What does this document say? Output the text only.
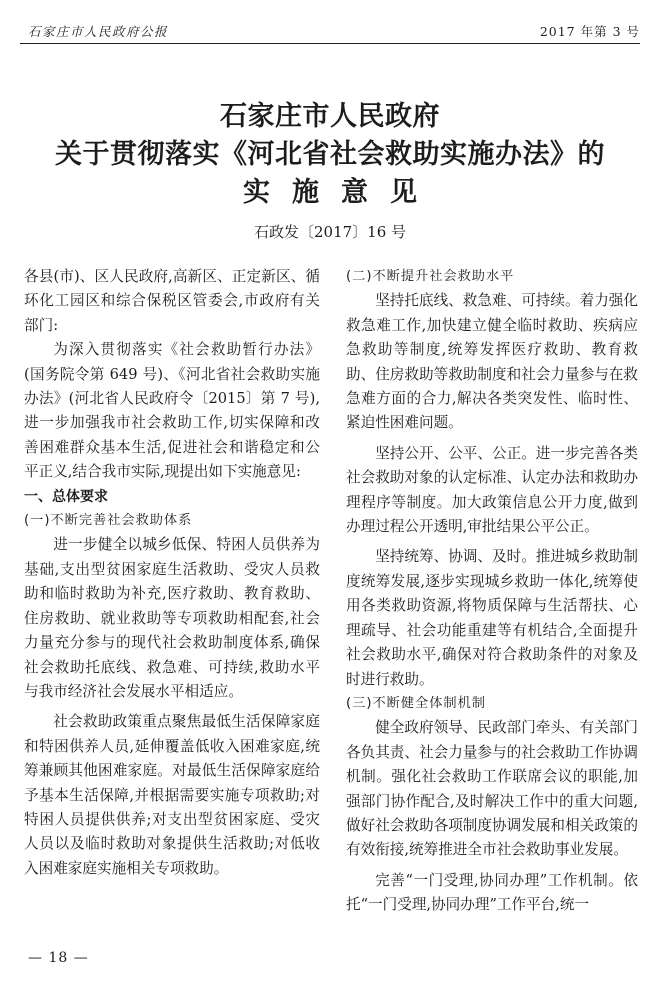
石家庄市人民政府公报	2017 年第 3 号
石家庄市人民政府
关于贯彻落实《河北省社会救助实施办法》的
实施意见
石政发〔2017〕16 号

各县(市)、区人民政府,高新区、正定新区、循环化工园区和综合保税区管委会,市政府有关部门:

为深入贯彻落实《社会救助暂行办法》(国务院令第 649 号)、《河北省社会救助实施办法》(河北省人民政府令〔2015〕第 7 号),进一步加强我市社会救助工作,切实保障和改善困难群众基本生活,促进社会和谐稳定和公平正义,结合我市实际,现提出如下实施意见:

一、总体要求

(一)不断完善社会救助体系

进一步健全以城乡低保、特困人员供养为基础,支出型贫困家庭生活救助、受灾人员救助和临时救助为补充,医疗救助、教育救助、住房救助、就业救助等专项救助相配套,社会力量充分参与的现代社会救助制度体系,确保社会救助托底线、救急难、可持续,救助水平与我市经济社会发展水平相适应。

社会救助政策重点聚焦最低生活保障家庭和特困供养人员,延伸覆盖低收入困难家庭,统筹兼顾其他困难家庭。对最低生活保障家庭给予基本生活保障,并根据需要实施专项救助;对特困人员提供供养;对支出型贫困家庭、受灾人员以及临时救助对象提供生活救助;对低收入困难家庭实施相关专项救助。

(二)不断提升社会救助水平

坚持托底线、救急难、可持续。着力强化救急难工作,加快建立健全临时救助、疾病应急救助等制度,统筹发挥医疗救助、教育救助、住房救助等救助制度和社会力量参与在救急难方面的合力,解决各类突发性、临时性、紧迫性困难问题。

坚持公开、公平、公正。进一步完善各类社会救助对象的认定标准、认定办法和救助办理程序等制度。加大政策信息公开力度,做到办理过程公开透明,审批结果公平公正。

坚持统筹、协调、及时。推进城乡救助制度统筹发展,逐步实现城乡救助一体化,统筹使用各类救助资源,将物质保障与生活帮扶、心理疏导、社会功能重建等有机结合,全面提升社会救助水平,确保对符合救助条件的对象及时进行救助。

(三)不断健全体制机制

健全政府领导、民政部门牵头、有关部门各负其责、社会力量参与的社会救助工作协调机制。强化社会救助工作联席会议的职能,加强部门协作配合,及时解决工作中的重大问题,做好社会救助各项制度协调发展和相关政策的有效衔接,统筹推进全市社会救助事业发展。

完善“一门受理,协同办理”工作机制。依托“一门受理,协同办理”工作平台,统一

— 18 —
